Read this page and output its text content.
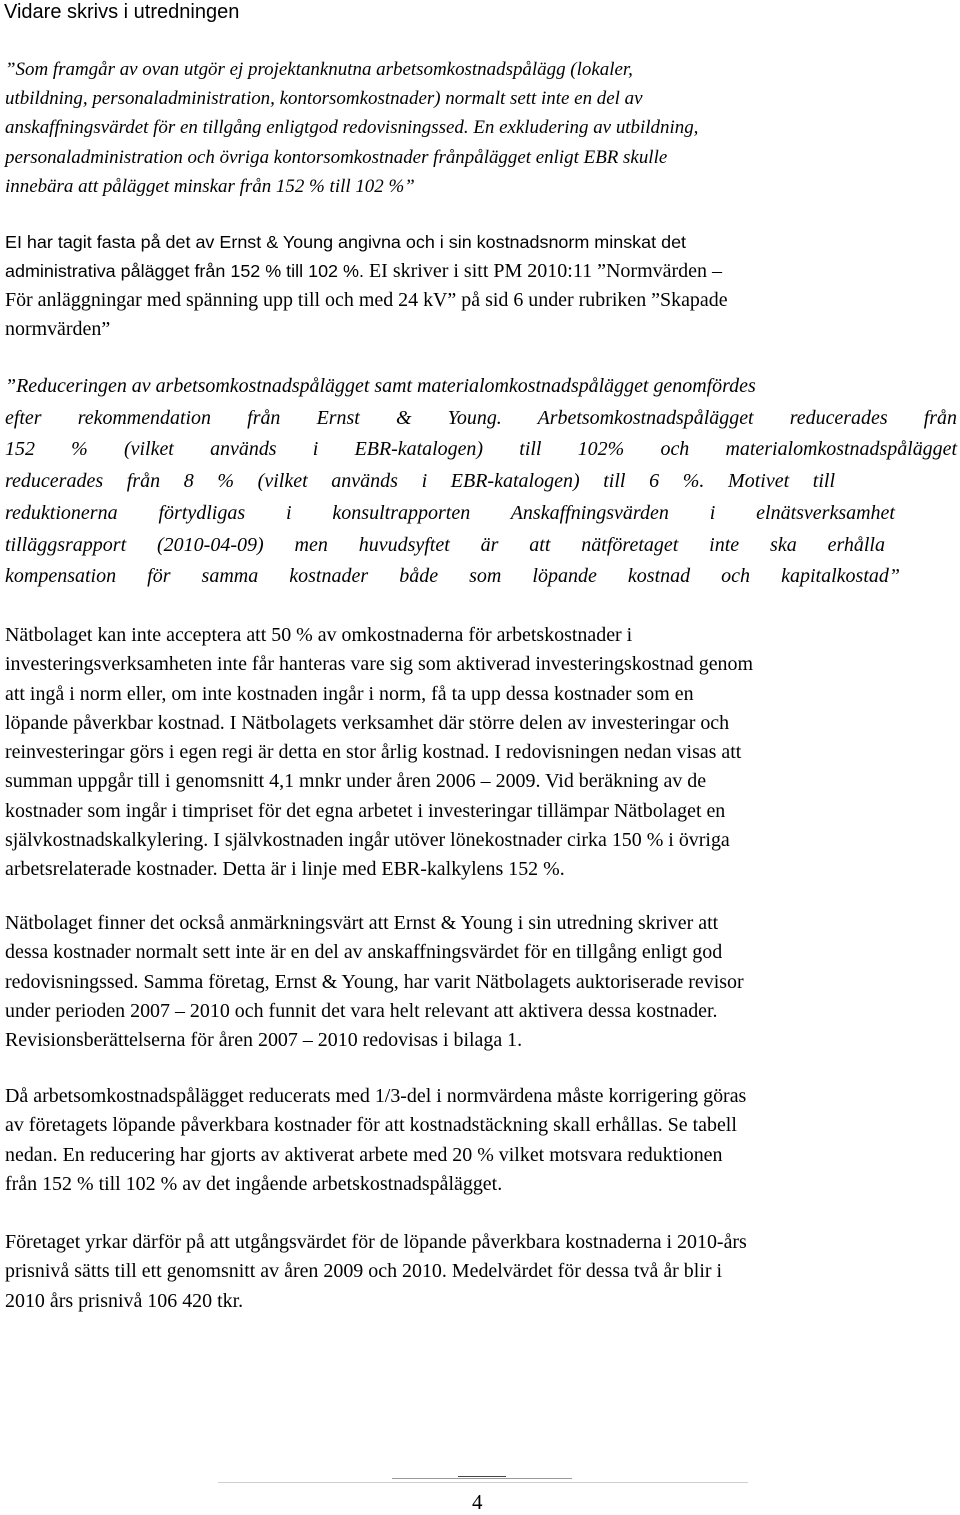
Vidare skrivs i utredningen

”Som framgår av ovan utgör ej projektanknutna arbetsomkostnadspålägg (lokaler,
utbildning, personaladministration, kontorsomkostnader) normalt sett inte en del av
anskaffningsvärdet för en tillgång enligtgod redovisningssed. En exkludering av utbildning,
personaladministration och övriga kontorsomkostnader frånpålägget enligt EBR skulle
innebära att pålägget minskar från 152 % till 102 %”

EI har tagit fasta på det av Ernst & Young angivna och i sin kostnadsnorm minskat det
administrativa pålägget från 152 % till 102 %. EI skriver i sitt PM 2010:11 ”Normvärden –
För anläggningar med spänning upp till och med 24 kV” på sid 6 under rubriken ”Skapade
normvärden”

”Reduceringen av arbetsomkostnadspålägget samt materialomkostnadspålägget genomfördes
efter rekommendation från Ernst & Young. Arbetsomkostnadspålägget reducerades från
152 % (vilket används i EBR-katalogen) till 102% och materialomkostnadspålägget
reducerades från 8 % (vilket används i EBR-katalogen) till 6 %. Motivet till
reduktionerna förtydligas i konsultrapporten Anskaffningsvärden i elnätsverksamhet
tilläggsrapport (2010-04-09) men huvudsyftet är att nätföretaget inte ska erhålla
kompensation för samma kostnader både som löpande kostnad och kapitalkostad”

Nätbolaget kan inte acceptera att 50 % av omkostnaderna för arbetskostnader i
investeringsverksamheten inte får hanteras vare sig som aktiverad investeringskostnad genom
att ingå i norm eller, om inte kostnaden ingår i norm, få ta upp dessa kostnader som en
löpande påverkbar kostnad. I Nätbolagets verksamhet där större delen av investeringar och
reinvesteringar görs i egen regi är detta en stor årlig kostnad. I redovisningen nedan visas att
summan uppgår till i genomsnitt 4,1 mnkr under åren 2006 – 2009. Vid beräkning av de
kostnader som ingår i timpriset för det egna arbetet i investeringar tillämpar Nätbolaget en
självkostnadskalkylering. I självkostnaden ingår utöver lönekostnader cirka 150 % i övriga
arbetsrelaterade kostnader. Detta är i linje med EBR-kalkylens 152 %.

Nätbolaget finner det också anmärkningsvärt att Ernst & Young i sin utredning skriver att
dessa kostnader normalt sett inte är en del av anskaffningsvärdet för en tillgång enligt god
redovisningssed. Samma företag, Ernst & Young, har varit Nätbolagets auktoriserade revisor
under perioden 2007 – 2010 och funnit det vara helt relevant att aktivera dessa kostnader.
Revisionsberättelserna för åren 2007 – 2010 redovisas i bilaga 1.

Då arbetsomkostnadspålägget reducerats med 1/3-del i normvärdena måste korrigering göras
av företagets löpande påverkbara kostnader för att kostnadstäckning skall erhållas. Se tabell
nedan. En reducering har gjorts av aktiverat arbete med 20 % vilket motsvara reduktionen
från 152 % till 102 % av det ingående arbetskostnadspålägget.

Företaget yrkar därför på att utgångsvärdet för de löpande påverkbara kostnaderna i 2010-års
prisnivå sätts till ett genomsnitt av åren 2009 och 2010. Medelvärdet för dessa två år blir i
2010 års prisnivå 106 420 tkr.

4
